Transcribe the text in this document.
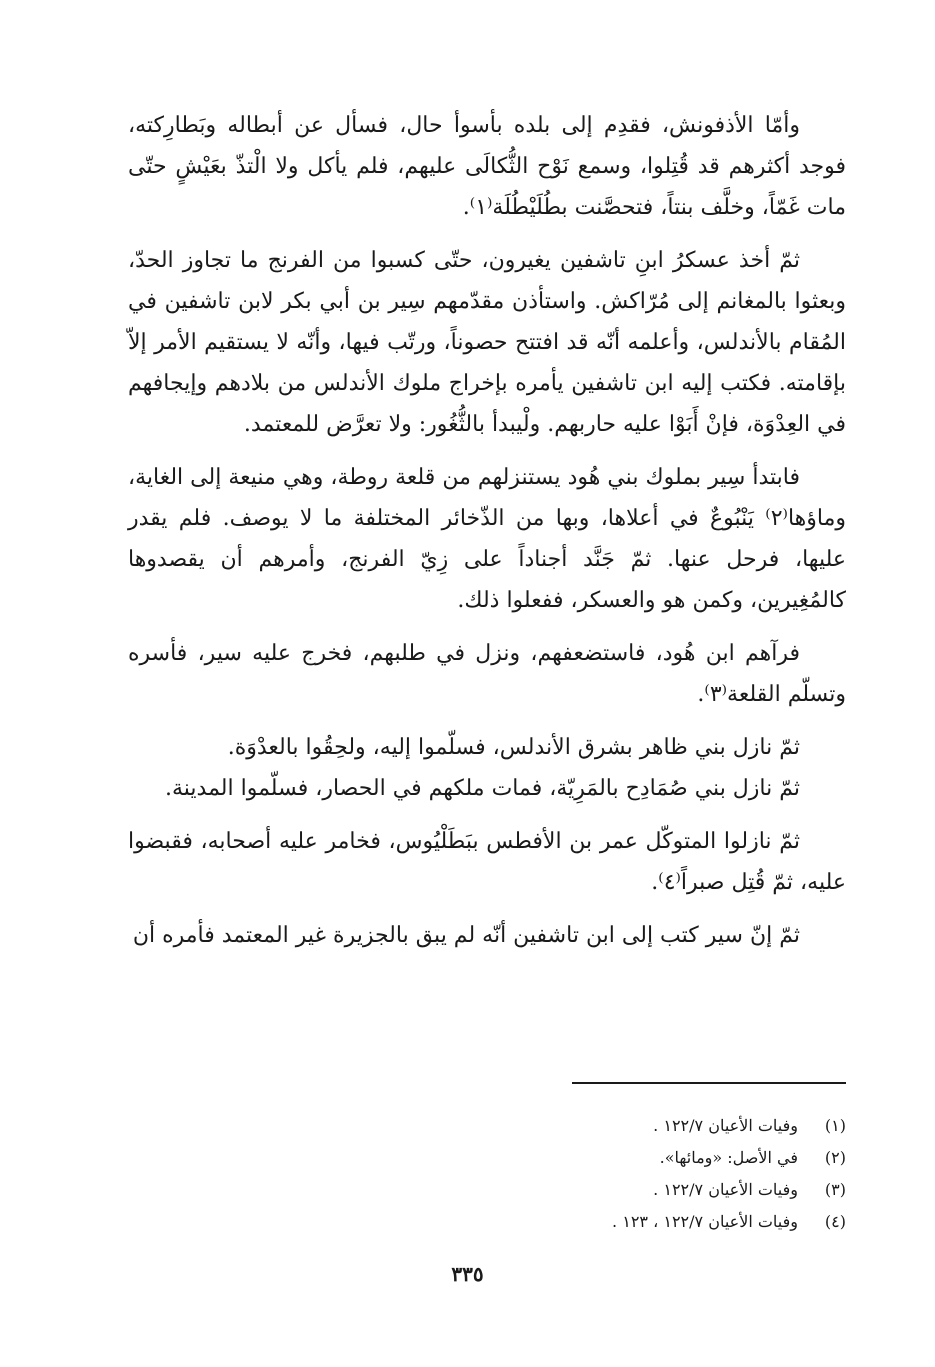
وأمّا الأذفونش، فقدِم إلى بلده بأسوأ حال، فسأل عن أبطاله وبَطارِكته، فوجد أكثرهم قد قُتِلوا، وسمع نَوْح الثُّكالَى عليهم، فلم يأكل ولا الْتذّ بعَيْشٍ حتّى مات غَمّاً، وخلَّف بنتاً، فتحصَّنت بطُلَيْطُلَة⁽١⁾.

ثمّ أخذ عسكرُ ابنِ تاشفين يغيرون، حتّى كسبوا من الفرنج ما تجاوز الحدّ، وبعثوا بالمغانم إلى مُرّاكش. واستأذن مقدّمهم سِير بن أبي بكر لابن تاشفين في المُقام بالأندلس، وأعلمه أنّه قد افتتح حصوناً، ورتّب فيها، وأنّه لا يستقيم الأمر إلاّ بإقامته. فكتب إليه ابن تاشفين يأمره بإخراج ملوك الأندلس من بلادهم وإيجافهم في العِدْوَة، فإنْ أَبَوْا عليه حاربهم. ولْيبدأ بالثُّغُور: ولا تعرَّض للمعتمد.

فابتدأ سِير بملوك بني هُود يستنزلهم من قلعة روطة، وهي منيعة إلى الغاية، وماؤها⁽٢⁾ يَنْبُوعٌ في أعلاها، وبها من الذّخائر المختلفة ما لا يوصف. فلم يقدر عليها، فرحل عنها. ثمّ جَنَّد أجناداً على زِيّ الفرنج، وأمرهم أن يقصدوها كالمُغِيرين، وكمن هو والعسكر، ففعلوا ذلك.

فرآهم ابن هُود، فاستضعفهم، ونزل في طلبهم، فخرج عليه سير، فأسره وتسلّم القلعة⁽٣⁾.

ثمّ نازل بني ظاهر بشرق الأندلس، فسلّموا إليه، ولحِقُوا بالعدْوَة.

ثمّ نازل بني صُمَادِح بالمَرِيّة، فمات ملكهم في الحصار، فسلّموا المدينة.

ثمّ نازلوا المتوكّل عمر بن الأفطس ببَطَلْيُوس، فخامر عليه أصحابه، فقبضوا عليه، ثمّ قُتِل صبراً⁽٤⁾.

ثمّ إنّ سير كتب إلى ابن تاشفين أنّه لم يبق بالجزيرة غير المعتمد فأمره أن

(١)
وفيات الأعيان ١٢٢/٧ .
(٢)
في الأصل: «ومائها».
(٣)
وفيات الأعيان ١٢٢/٧ .
(٤)
وفيات الأعيان ١٢٢/٧ ، ١٢٣ .
٣٣٥
